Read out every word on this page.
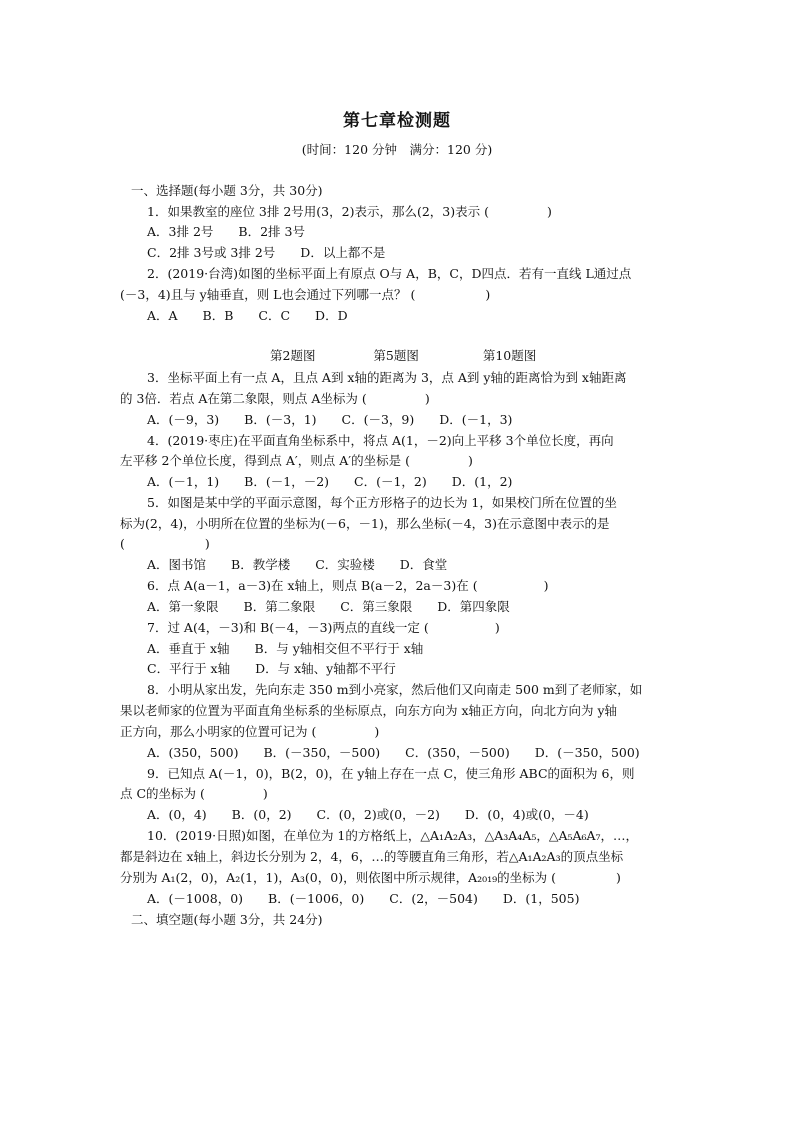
第七章检测题
(时间：120 分钟　满分：120 分)
一、选择题(每小题 3分，共 30分)
1．如果教室的座位 3排 2号用(3，2)表示，那么(2，3)表示 (	)
A．3排 2号　　B．2排 3号
C．2排 3号或 3排 2号　　D．以上都不是
2．(2019·台湾)如图的坐标平面上有原点 O与 A，B，C，D四点．若有一直线 L通过点
(－3，4)且与 y轴垂直，则 L也会通过下列哪一点？ (	)
A．A　　B．B　　C．C　　D．D
第2题图	第5题图	第10题图
3．坐标平面上有一点 A，且点 A到 x轴的距离为 3，点 A到 y轴的距离恰为到 x轴距离
的 3倍．若点 A在第二象限，则点 A坐标为 (	)
A．(－9，3)　　B．(－3，1)　　C．(－3，9)　　D．(－1，3)
4．(2019·枣庄)在平面直角坐标系中，将点 A(1，－2)向上平移 3个单位长度，再向
左平移 2个单位长度，得到点 A′，则点 A′的坐标是 (	)
A．(－1，1)　　B．(－1，－2)　　C．(－1，2)　　D．(1，2)
5．如图是某中学的平面示意图，每个正方形格子的边长为 1，如果校门所在位置的坐
标为(2，4)，小明所在位置的坐标为(－6，－1)，那么坐标(－4，3)在示意图中表示的是
(	)
A．图书馆　　B．教学楼　　C．实验楼　　D．食堂
6．点 A(a－1，a－3)在 x轴上，则点 B(a－2，2a－3)在 (	)
A．第一象限　　B．第二象限　　C．第三象限　　D．第四象限
7．过 A(4，－3)和 B(－4，－3)两点的直线一定 (	)
A．垂直于 x轴　　B．与 y轴相交但不平行于 x轴
C．平行于 x轴　　D．与 x轴、y轴都不平行
8．小明从家出发，先向东走 350 m到小亮家，然后他们又向南走 500 m到了老师家，如
果以老师家的位置为平面直角坐标系的坐标原点，向东方向为 x轴正方向，向北方向为 y轴
正方向，那么小明家的位置可记为 (	)
A．(350，500)　　B．(－350，－500)　　C．(350，－500)　　D．(－350，500)
9．已知点 A(－1，0)，B(2，0)，在 y轴上存在一点 C，使三角形 ABC的面积为 6，则
点 C的坐标为 (	)
A．(0，4)　　B．(0，2)　　C．(0，2)或(0，－2)　　D．(0，4)或(0，－4)
10．(2019·日照)如图，在单位为 1的方格纸上，△A₁A₂A₃，△A₃A₄A₅，△A₅A₆A₇，…，
都是斜边在 x轴上，斜边长分别为 2，4，6，…的等腰直角三角形，若△A₁A₂A₃的顶点坐标
分别为 A₁(2，0)，A₂(1，1)，A₃(0，0)，则依图中所示规律，A₂₀₁₉的坐标为 (	)
A．(－1008，0)　　B．(－1006，0)　　C．(2，－504)　　D．(1，505)
二、填空题(每小题 3分，共 24分)
